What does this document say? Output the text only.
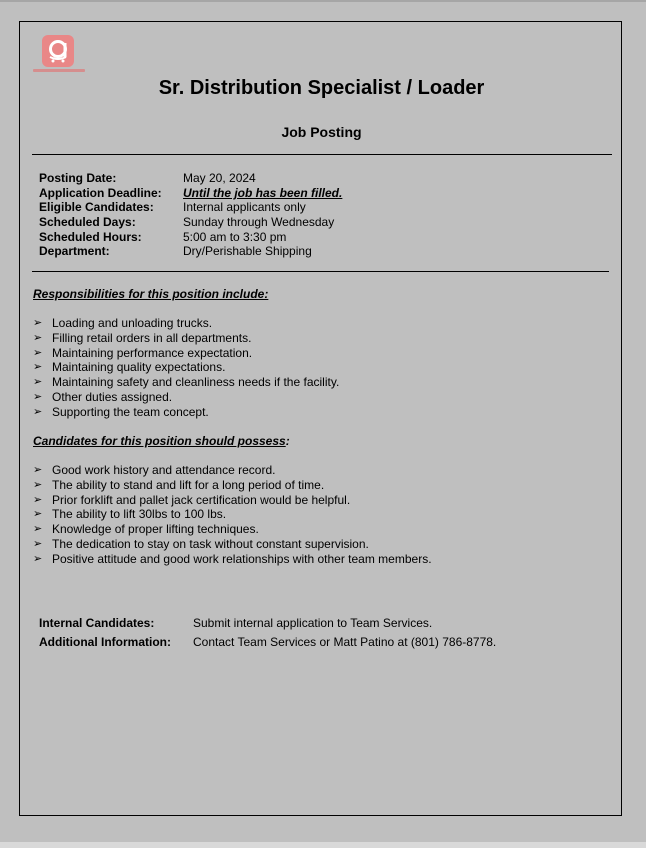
Sr. Distribution Specialist / Loader
Job Posting
Posting Date:	May 20, 2024
Application Deadline:	Until the job has been filled.
Eligible Candidates:	Internal applicants only
Scheduled Days:	Sunday through Wednesday
Scheduled Hours:	5:00 am to 3:30 pm
Department:	Dry/Perishable Shipping
Responsibilities for this position include:
➢ Loading and unloading trucks.
➢ Filling retail orders in all departments.
➢ Maintaining performance expectation.
➢ Maintaining quality expectations.
➢ Maintaining safety and cleanliness needs if the facility.
➢ Other duties assigned.
➢ Supporting the team concept.
Candidates for this position should possess:
➢ Good work history and attendance record.
➢ The ability to stand and lift for a long period of time.
➢ Prior forklift and pallet jack certification would be helpful.
➢ The ability to lift 30lbs to 100 lbs.
➢ Knowledge of proper lifting techniques.
➢ The dedication to stay on task without constant supervision.
➢ Positive attitude and good work relationships with other team members.
Internal Candidates:	Submit internal application to Team Services.
Additional Information:	Contact Team Services or Matt Patino at (801) 786-8778.
